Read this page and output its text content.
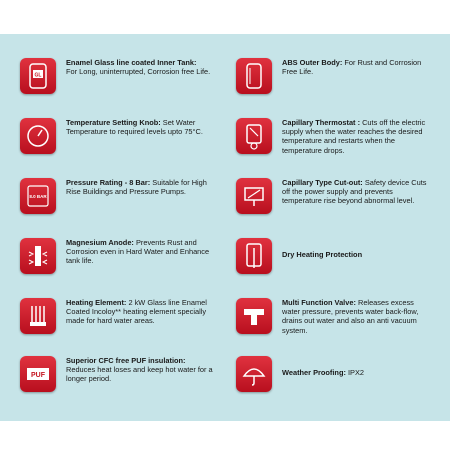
GL
Enamel Glass line coated Inner Tank:
For Long, uninterrupted, Corrosion free Life.
ABS Outer Body: For Rust and Corrosion Free Life.
Temperature Setting Knob: Set Water Temperature to required levels upto 75°C.
Capillary Thermostat : Cuts off the electric supply when the water reaches the desired temperature and restarts when the temperature drops.
8.0 BAR
Pressure Rating - 8 Bar: Suitable for High Rise Buildings and Pressure Pumps.
Capillary Type Cut-out: Safety device Cuts off the power supply and prevents temperature rise beyond abnormal level.
Magnesium Anode: Prevents Rust and Corrosion even in Hard Water and Enhance tank life.
Dry Heating Protection
Heating Element: 2 kW Glass line Enamel Coated Incoloy** heating element specially made for hard water areas.
Multi Function Valve: Releases excess water pressure, prevents water back-flow, drains out water and also an anti vacuum system.
PUF
Superior CFC free PUF insulation:
Reduces heat loses and keep hot water for a longer period.
Weather Proofing: IPX2
